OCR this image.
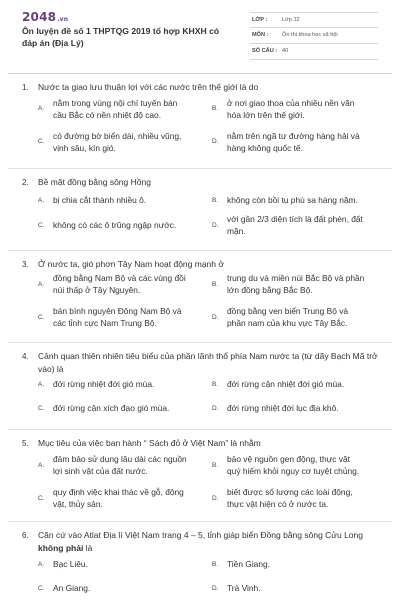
2048.vn
Ôn luyện đề số 1 THPTQG 2019 tổ hợp KHXH có đáp án (Địa Lý)
LỚP :	Lớp 12
MÔN : Ôn thi khoa học xã hội
SỐ CÂU : 40
1. Nước ta giao lưu thuận lợi với các nước trên thế giới là do
A.
nằm trong vùng nội chí tuyến bán cầu Bắc có nền nhiệt độ cao.
B.
ở nơi giao thoa của nhiều nền văn hóa lớn trên thế giới.
C.
có đường bờ biển dài, nhiều vũng, vịnh sâu, kín gió.
D.
nằm trên ngã tư đường hàng hải và hàng không quốc tế.
2. Bề mặt đồng bằng sông Hồng
A. bị chia cắt thành nhiều ô.	B. không còn bồi tụ phù sa hàng năm.
C. không có các ô trũng ngập nước.	D.
với gần 2/3 diện tích là đất phèn, đất mặn.
3. Ở nước ta, gió phơn Tây Nam hoạt động mạnh ở
A.
đồng bằng Nam Bộ và các vùng đồi núi thấp ở Tây Nguyên.	B.
trung du và miền núi Bắc Bộ và phần lớn đồng bằng Bắc Bộ.
C.
bán bình nguyên Đông Nam Bộ và các tỉnh cực Nam Trung Bộ.	D.
đồng bằng ven biển Trung Bộ và phần nam của khu vực Tây Bắc.
4. Cảnh quan thiên nhiên tiêu biểu của phần lãnh thổ phía Nam nước ta (từ dãy Bạch Mã trở vào) là
A. đới rừng nhiệt đới gió mùa.	B. đới rừng cận nhiệt đới gió mùa.
C. đới rừng cận xích đạo gió mùa.	D. đới rừng nhiệt đới lục địa khô.
5. Mục tiêu của việc ban hành “ Sách đỏ ở Việt Nam” là nhằm
A.
đảm bảo sử dụng lâu dài các nguồn lợi sinh vật của đất nước.	B.
bảo vệ nguồn gen động, thực vật quý hiếm khỏi nguy cơ tuyệt chủng.
C.
quy định việc khai thác về gỗ, động vật, thủy sản.	D.
biết được số lượng các loài động, thực vật hiện có ở nước ta.
6. Căn cứ vào Atlat Địa lí Việt Nam trang 4 – 5, tỉnh giáp biển Đồng bằng sông Cửu Long không phải là
A. Bạc Liêu.	B. Tiền Giang.
C. An Giang.	D. Trà Vinh.
